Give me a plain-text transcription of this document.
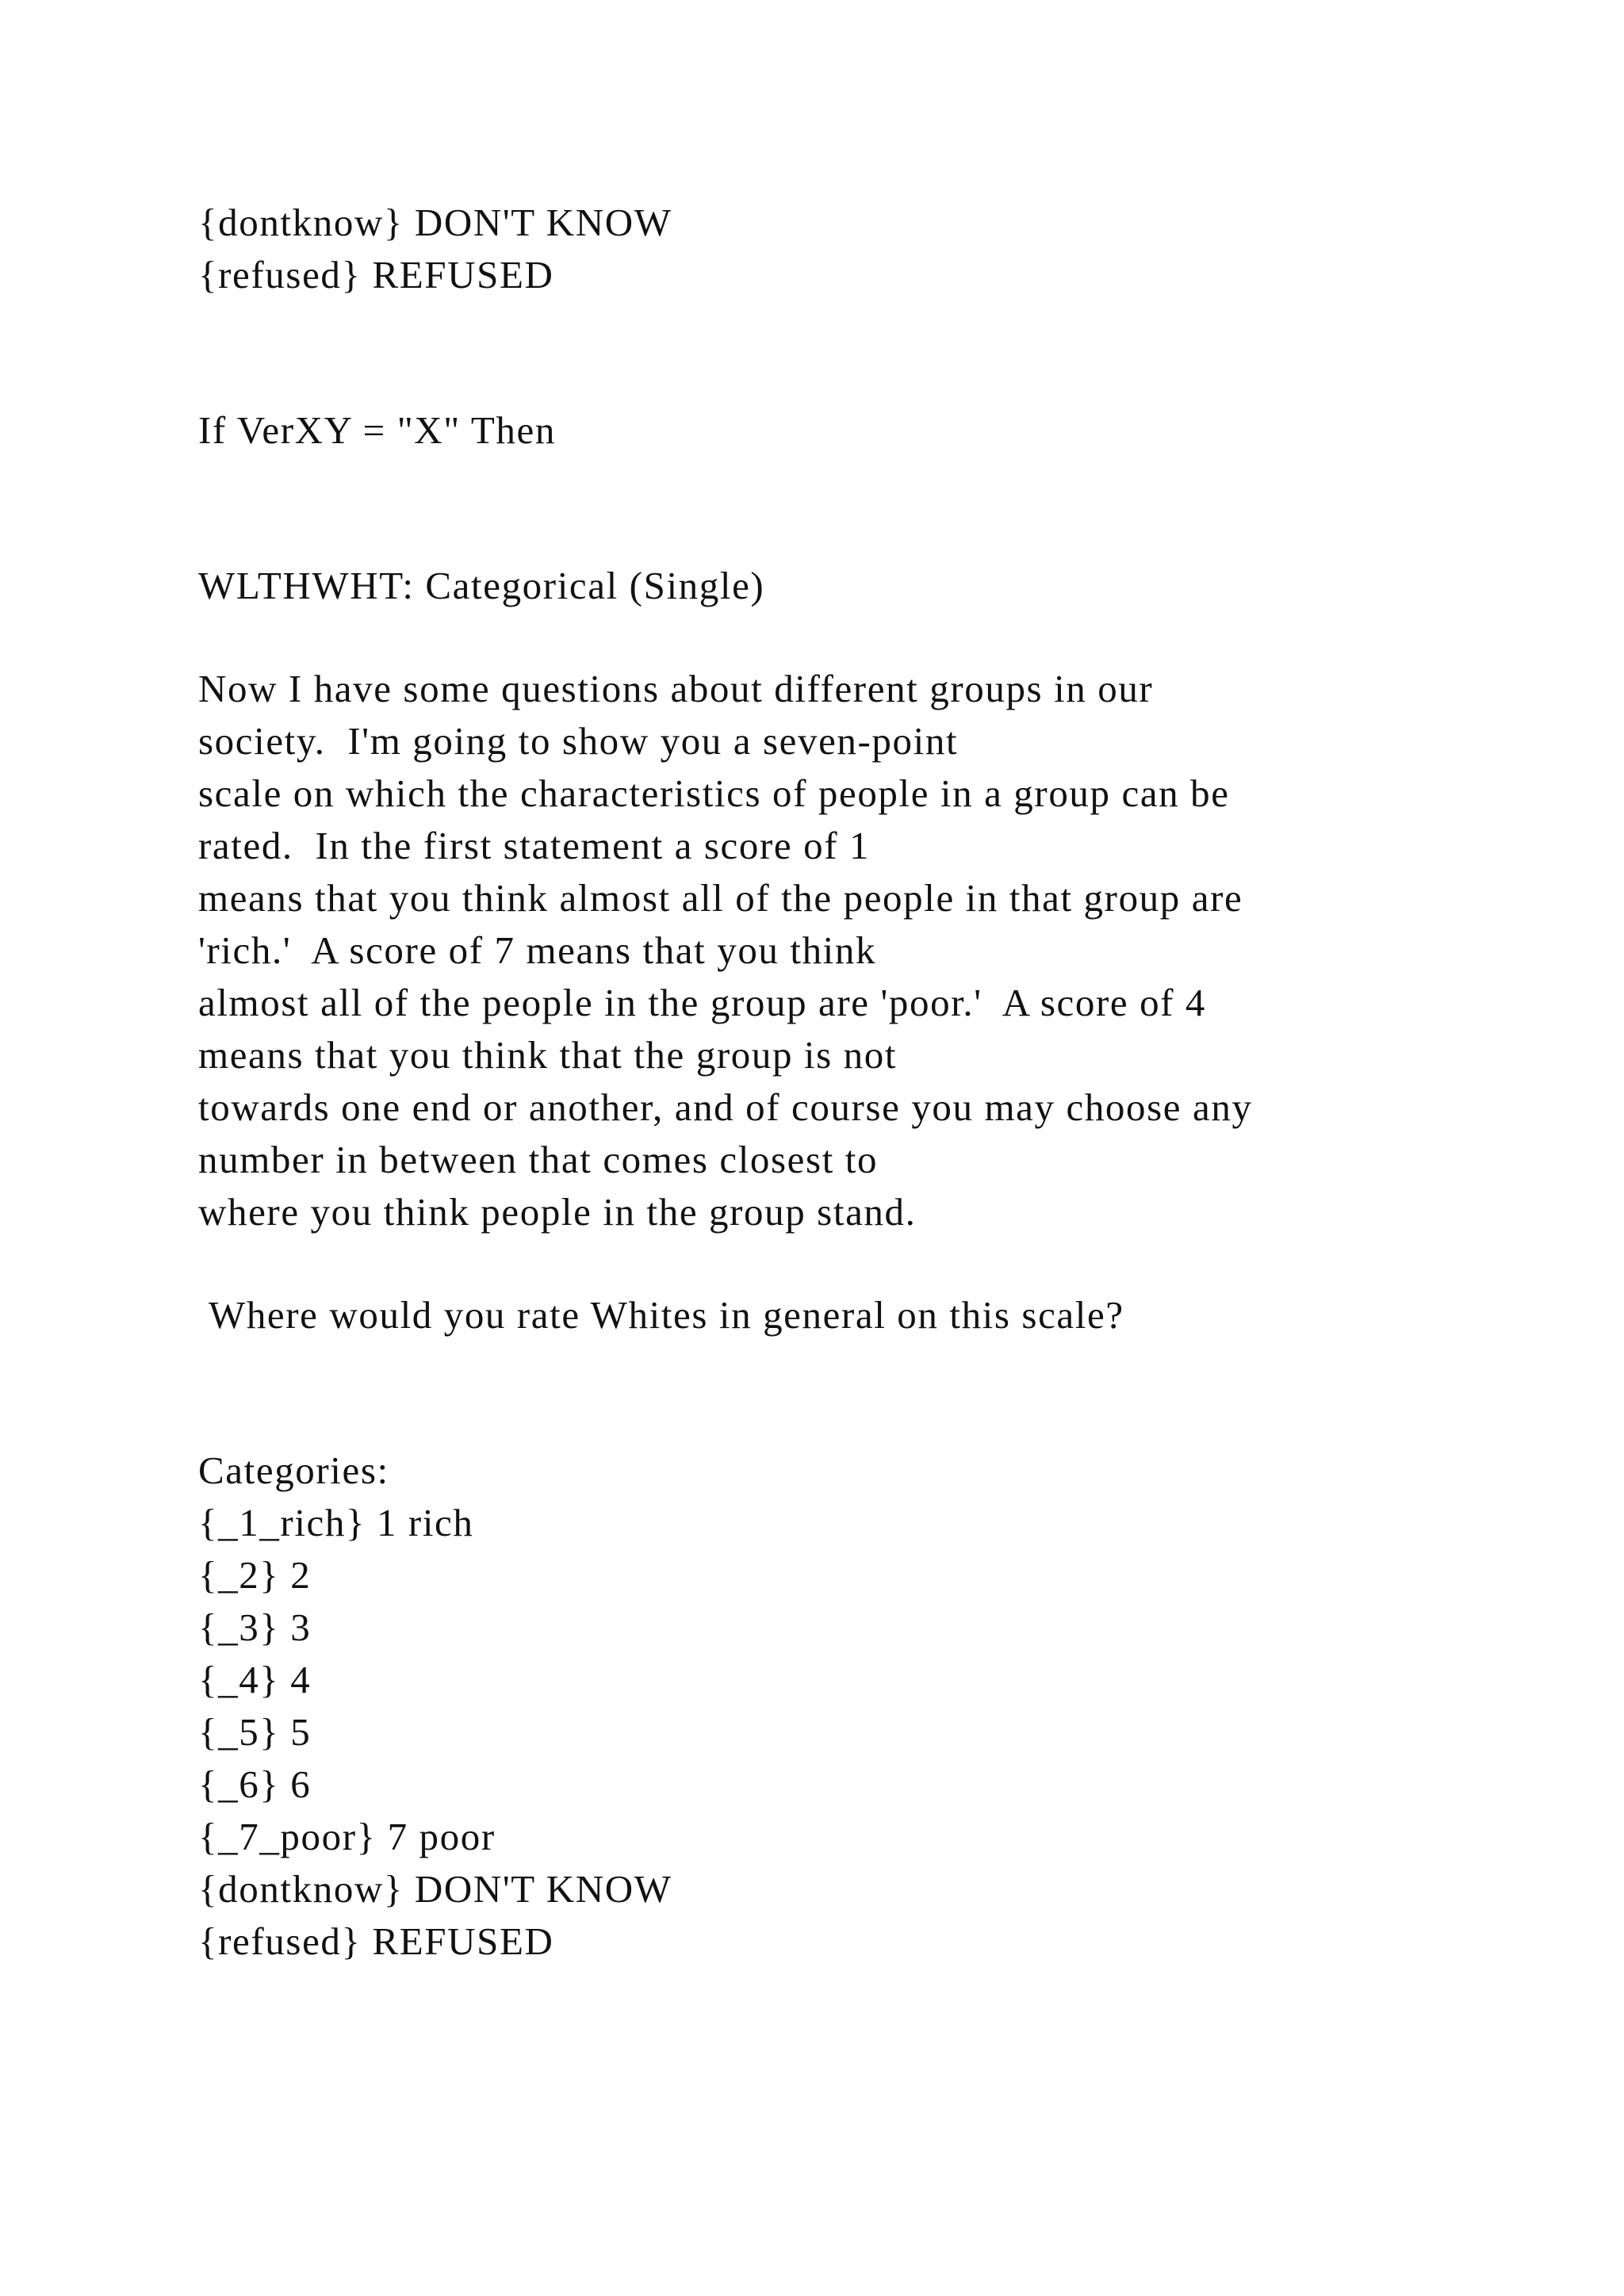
{dontknow} DON'T KNOW
{refused} REFUSED
If VerXY = "X" Then
WLTHWHT: Categorical (Single)
Now I have some questions about different groups in our
society.  I'm going to show you a seven-point
scale on which the characteristics of people in a group can be
rated.  In the first statement a score of 1
means that you think almost all of the people in that group are
'rich.'  A score of 7 means that you think
almost all of the people in the group are 'poor.'  A score of 4
means that you think that the group is not
towards one end or another, and of course you may choose any
number in between that comes closest to
where you think people in the group stand.
Where would you rate Whites in general on this scale?
Categories:
{_1_rich} 1 rich
{_2} 2
{_3} 3
{_4} 4
{_5} 5
{_6} 6
{_7_poor} 7 poor
{dontknow} DON'T KNOW
{refused} REFUSED
